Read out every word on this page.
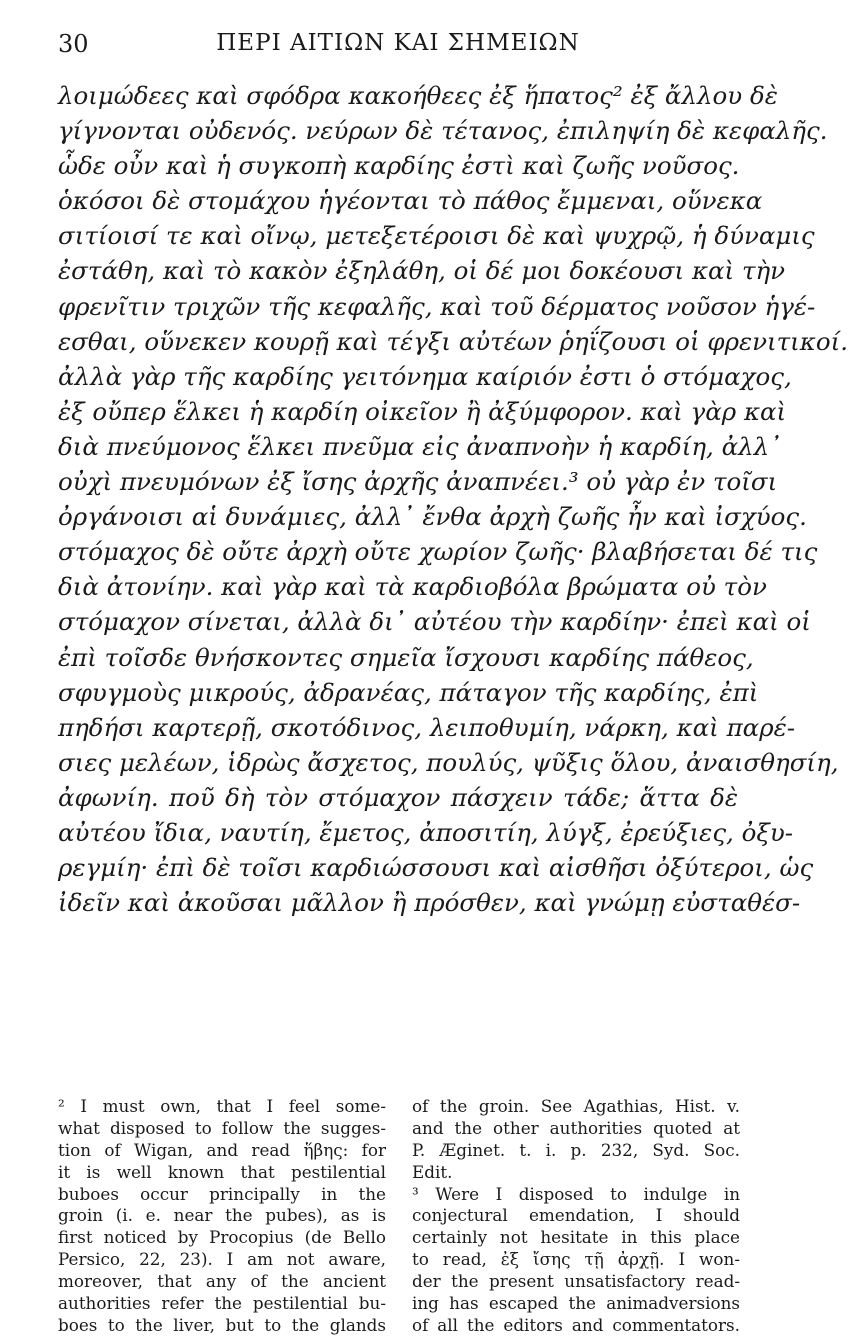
30	ΠΕΡΙ ΑΙΤΙΩΝ ΚΑΙ ΣΗΜΕΙΩΝ
λοιμώδεες καὶ σφόδρα κακοήθεες ἐξ ἥπατος² ἐξ ἄλλου δὲ
γίγνονται οὐδενός. νεύρων δὲ τέτανος, ἐπιληψίη δὲ κεφαλῆς.
ὧδε οὖν καὶ ἡ συγκοπὴ καρδίης ἐστὶ καὶ ζωῆς νοῦσος.
ὁκόσοι δὲ στομάχου ἡγέονται τὸ πάθος ἔμμεναι, οὕνεκα
σιτίοισί τε καὶ οἴνῳ, μετεξετέροισι δὲ καὶ ψυχρῷ, ἡ δύναμις
ἐστάθη, καὶ τὸ κακὸν ἐξηλάθη, οἱ δέ μοι δοκέουσι καὶ τὴν
φρενῖτιν τριχῶν τῆς κεφαλῆς, καὶ τοῦ δέρματος νοῦσον ἡγέ-
εσθαι, οὕνεκεν κουρῇ καὶ τέγξι αὐτέων ῥηΐζουσι οἱ φρενιτικοί.
ἀλλὰ γὰρ τῆς καρδίης γειτόνημα καίριόν ἐστι ὁ στόμαχος,
ἐξ οὔπερ ἕλκει ἡ καρδίη οἰκεῖον ἢ ἀξύμφορον. καὶ γὰρ καὶ
διὰ πνεύμονος ἕλκει πνεῦμα εἰς ἀναπνοὴν ἡ καρδίη, ἀλλ᾽
οὐχὶ πνευμόνων ἐξ ἴσης ἀρχῆς ἀναπνέει.³ οὐ γὰρ ἐν τοῖσι
ὀργάνοισι αἱ δυνάμιες, ἀλλ᾽ ἔνθα ἀρχὴ ζωῆς ἦν καὶ ἰσχύος.
στόμαχος δὲ οὔτε ἀρχὴ οὔτε χωρίον ζωῆς· βλαβήσεται δέ τις
διὰ ἀτονίην. καὶ γὰρ καὶ τὰ καρδιοβόλα βρώματα οὐ τὸν
στόμαχον σίνεται, ἀλλὰ δι᾽ αὐτέου τὴν καρδίην· ἐπεὶ καὶ οἱ
ἐπὶ τοῖσδε θνήσκοντες σημεῖα ἴσχουσι καρδίης πάθεος,
σφυγμοὺς μικρούς, ἀδρανέας, πάταγον τῆς καρδίης, ἐπὶ
πηδήσι καρτερῇ, σκοτόδινος, λειποθυμίη, νάρκη, καὶ παρέ-
σιες μελέων, ἱδρὼς ἄσχετος, πουλύς, ψῦξις ὅλου, ἀναισθησίη,
ἀφωνίη. ποῦ δὴ τὸν στόμαχον πάσχειν τάδε; ἅττα δὲ
αὐτέου ἴδια, ναυτίη, ἔμετος, ἀποσιτίη, λύγξ, ἐρεύξιες, ὀξυ-
ρεγμίη· ἐπὶ δὲ τοῖσι καρδιώσσουσι καὶ αἰσθῆσι ὀξύτεροι, ὡς
ἰδεῖν καὶ ἀκοῦσαι μᾶλλον ἢ πρόσθεν, καὶ γνώμῃ εὐσταθέσ-
² I must own, that I feel some-
what disposed to follow the sugges-
tion of Wigan, and read ἥβης: for
it is well known that pestilential
buboes occur principally in the
groin (i. e. near the pubes), as is
first noticed by Procopius (de Bello
Persico, 22, 23). I am not aware,
moreover, that any of the ancient
authorities refer the pestilential bu-
boes to the liver, but to the glands
of the groin. See Agathias, Hist. v.
and the other authorities quoted at
P. Æginet. t. i. p. 232, Syd. Soc.
Edit.
³ Were I disposed to indulge in
conjectural emendation, I should
certainly not hesitate in this place
to read, ἐξ ἴσης τῇ ἀρχῇ. I won-
der the present unsatisfactory read-
ing has escaped the animadversions
of all the editors and commentators.
